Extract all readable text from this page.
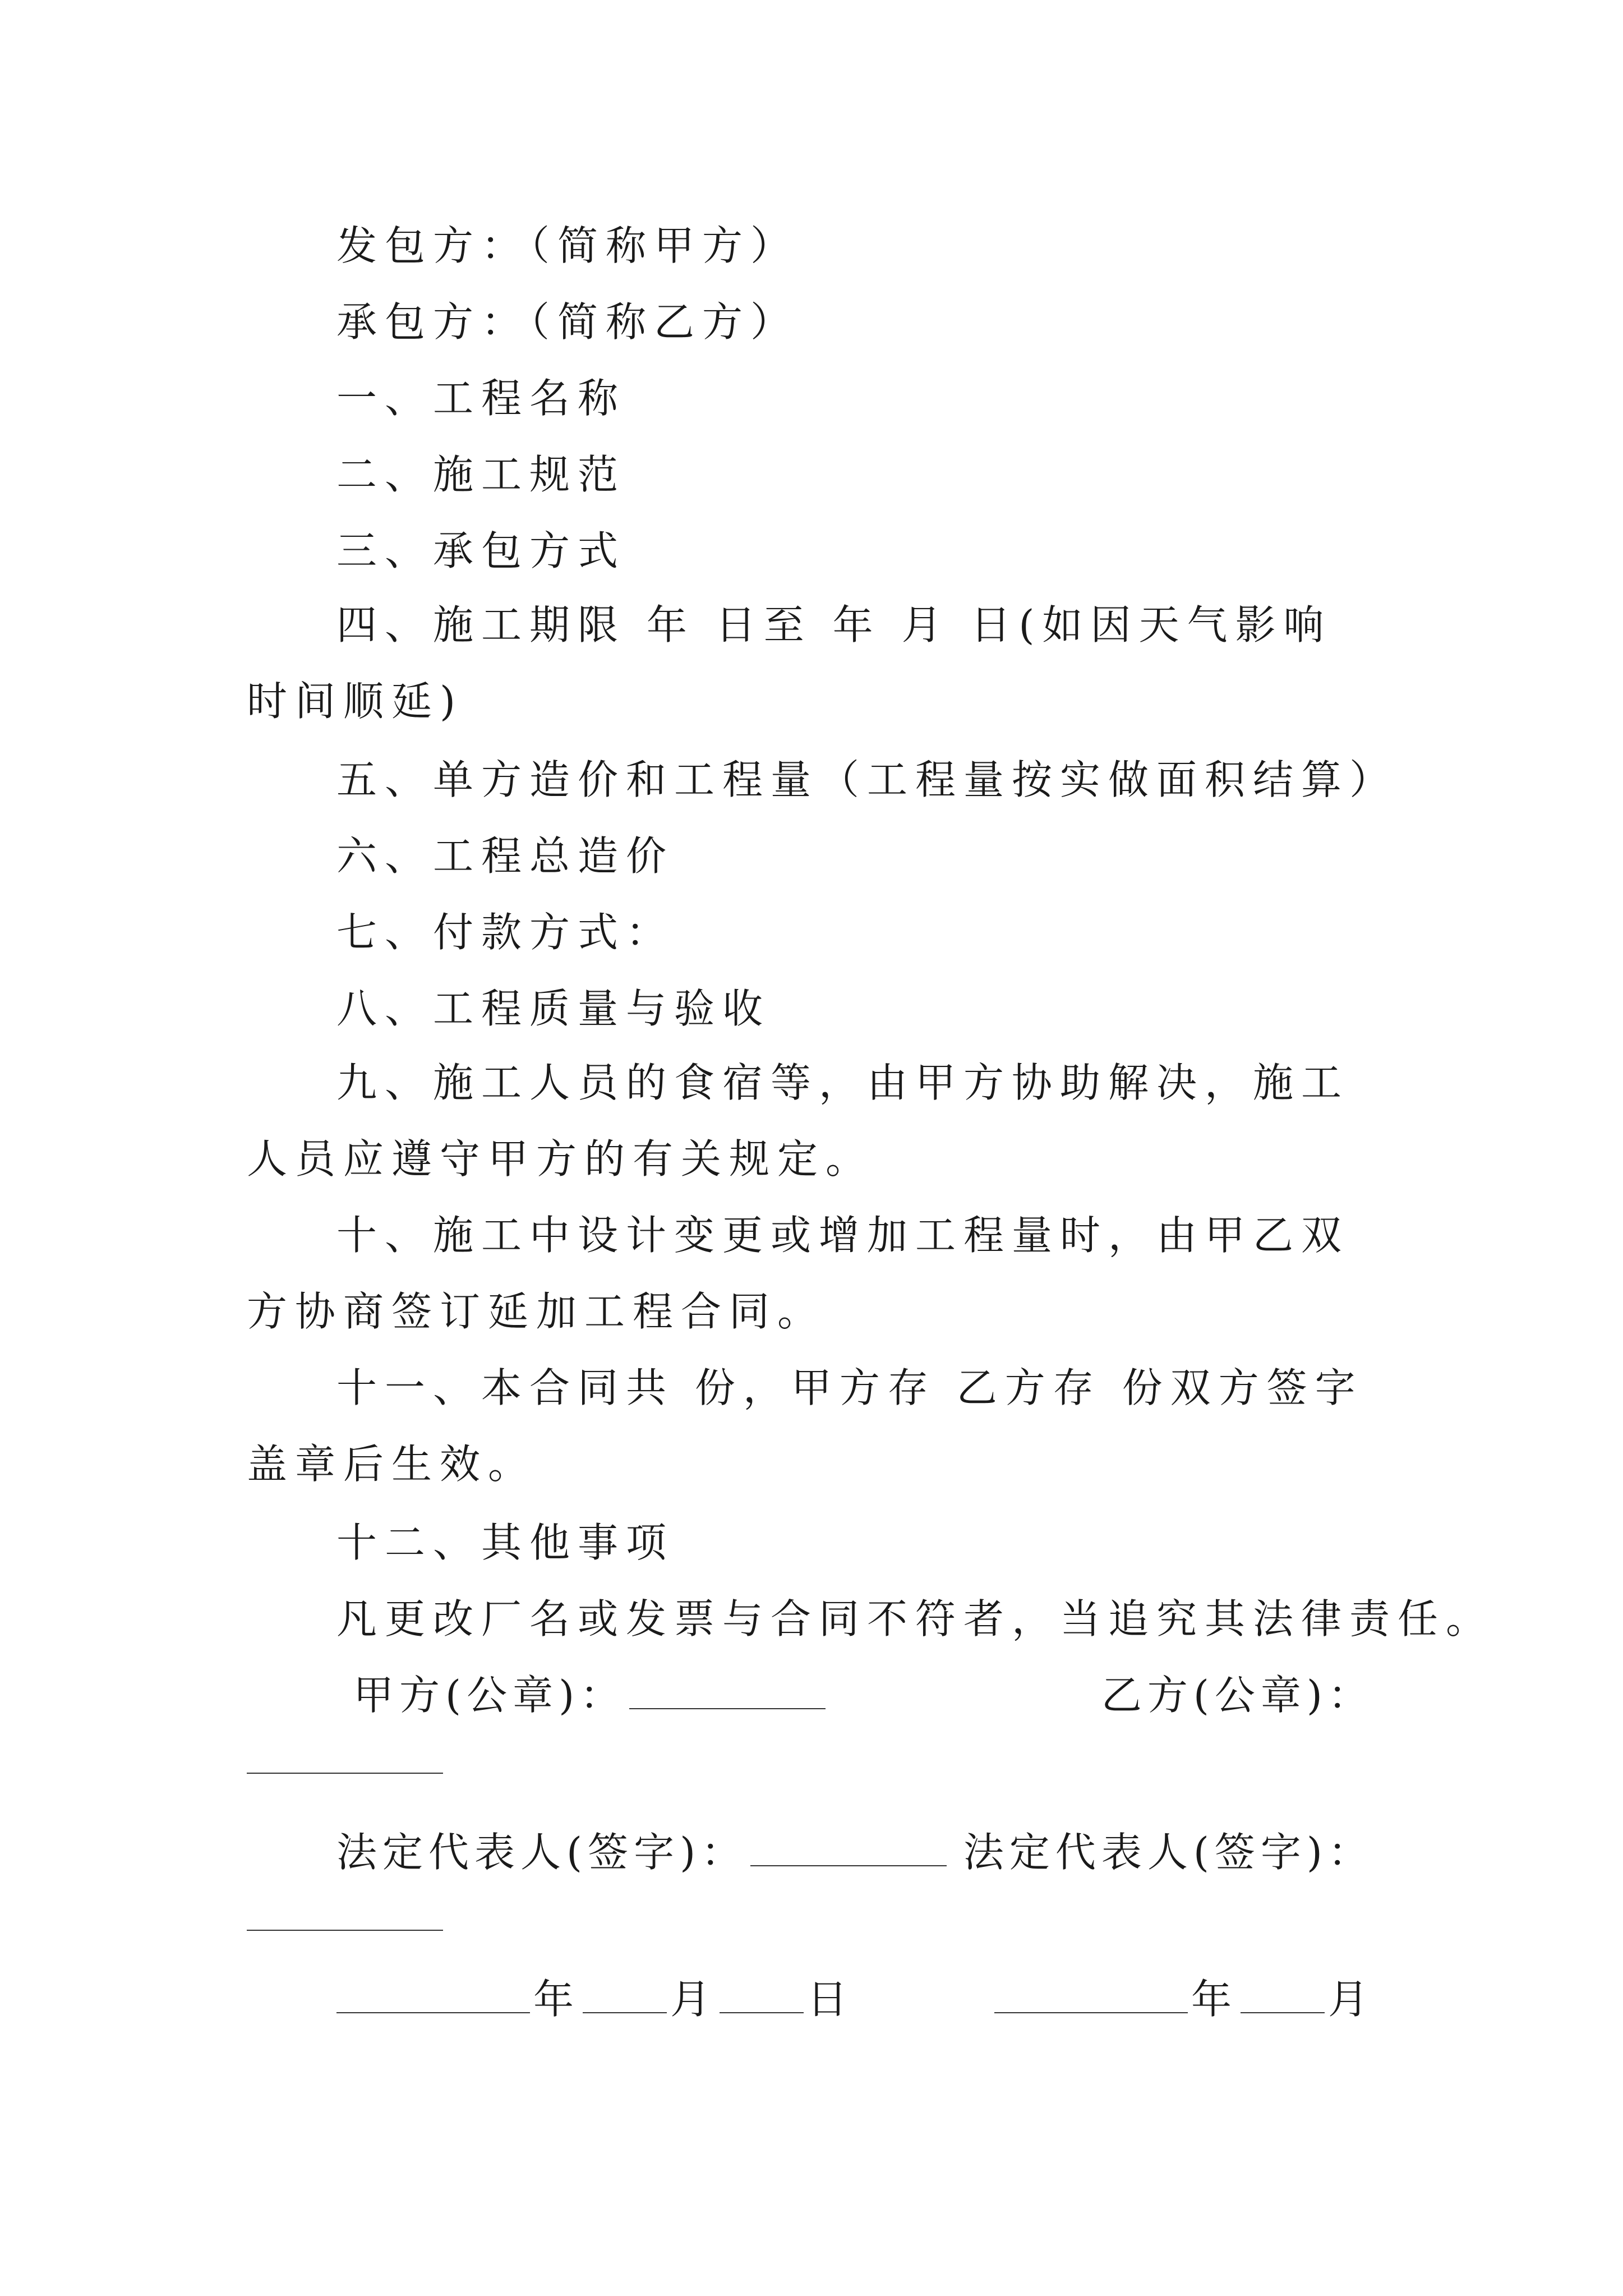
发包方：（简称甲方）
承包方：（简称乙方）
一、工程名称
二、施工规范
三、承包方式
四、施工期限 年 日至 年 月 日(如因天气影响时间顺延)
五、单方造价和工程量（工程量按实做面积结算）
六、工程总造价
七、付款方式：
八、工程质量与验收
九、施工人员的食宿等，由甲方协助解决，施工人员应遵守甲方的有关规定。
十、施工中设计变更或增加工程量时，由甲乙双方协商签订延加工程合同。
十一、本合同共 份，甲方存 乙方存 份双方签字盖章后生效。
十二、其他事项
凡更改厂名或发票与合同不符者，当追究其法律责任。
甲方(公章)：	乙方(公章)：
法定代表人(签字)：	法定代表人(签字)：
年 月 日	年 月
